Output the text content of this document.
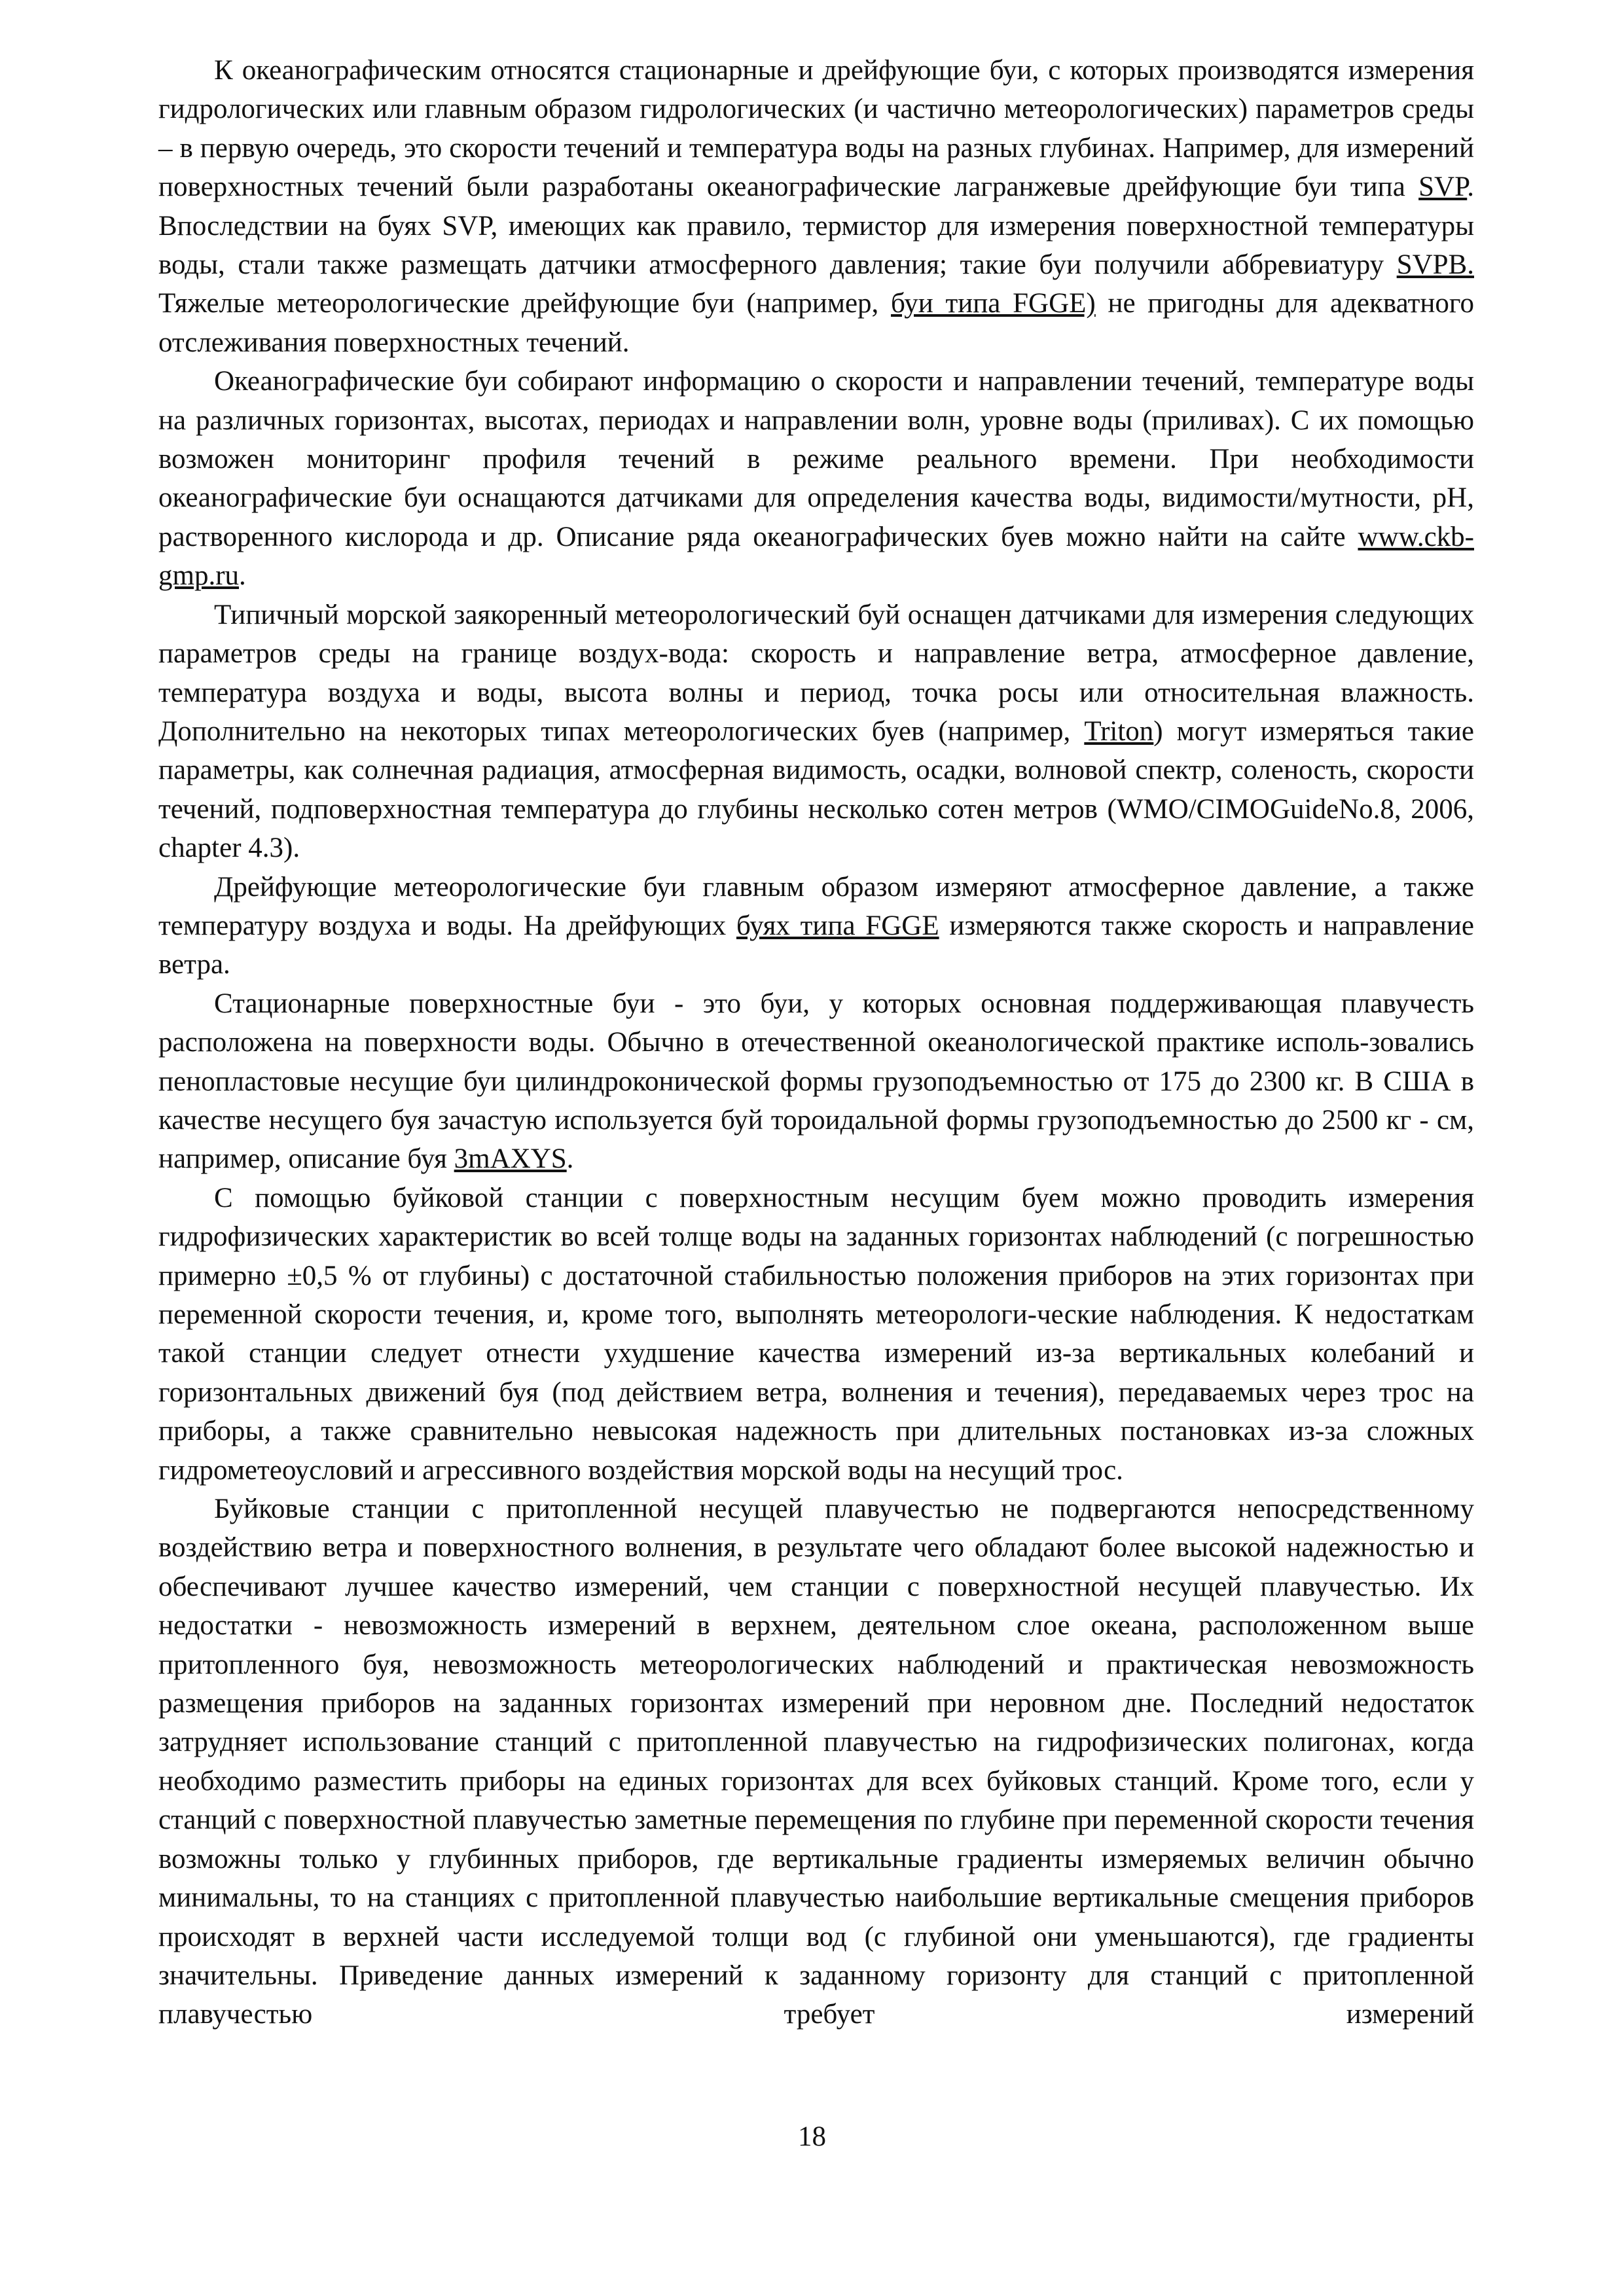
К океанографическим относятся стационарные и дрейфующие буи, с которых производятся измерения гидрологических или главным образом гидрологических (и частично метеорологических) параметров среды – в первую очередь, это скорости течений и температура воды на разных глубинах. Например, для измерений поверхностных течений были разработаны океанографические лагранжевые дрейфующие буи типа SVP. Впоследствии на буях SVP, имеющих как правило, термистор для измерения поверхностной температуры воды, стали также размещать датчики атмосферного давления; такие буи получили аббревиатуру SVPB. Тяжелые метеорологические дрейфующие буи (например, буи типа FGGE) не пригодны для адекватного отслеживания поверхностных течений.

Океанографические буи собирают информацию о скорости и направлении течений, температуре воды на различных горизонтах, высотах, периодах и направлении волн, уровне воды (приливах). С их помощью возможен мониторинг профиля течений в режиме реального времени. При необходимости океанографические буи оснащаются датчиками для определения качества воды, видимости/мутности, pH, растворенного кислорода и др. Описание ряда океанографических буев можно найти на сайте www.ckb-gmp.ru.

Типичный морской заякоренный метеорологический буй оснащен датчиками для измерения следующих параметров среды на границе воздух-вода: скорость и направление ветра, атмосферное давление, температура воздуха и воды, высота волны и период, точка росы или относительная влажность. Дополнительно на некоторых типах метеорологических буев (например, Triton) могут измеряться такие параметры, как солнечная радиация, атмосферная видимость, осадки, волновой спектр, соленость, скорости течений, подповерхностная температура до глубины несколько сотен метров (WMO/CIMOGuideNo.8, 2006, chapter 4.3).

Дрейфующие метеорологические буи главным образом измеряют атмосферное давление, а также температуру воздуха и воды. На дрейфующих буях типа FGGE измеряются также скорость и направление ветра.

Стационарные поверхностные буи - это буи, у которых основная поддерживающая плавучесть расположена на поверхности воды. Обычно в отечественной океанологической практике исполь-зовались пенопластовые несущие буи цилиндроконической формы грузоподъемностью от 175 до 2300 кг. В США в качестве несущего буя зачастую используется буй тороидальной формы грузоподъемностью до 2500 кг - см, например, описание буя 3mAXYS.

С помощью буйковой станции с поверхностным несущим буем можно проводить измерения гидрофизических характеристик во всей толще воды на заданных горизонтах наблюдений (с погрешностью примерно ±0,5 % от глубины) с достаточной стабильностью положения приборов на этих горизонтах при переменной скорости течения, и, кроме того, выполнять метеорологи-ческие наблюдения. К недостаткам такой станции следует отнести ухудшение качества измерений из-за вертикальных колебаний и горизонтальных движений буя (под действием ветра, волнения и течения), передаваемых через трос на приборы, а также сравнительно невысокая надежность при длительных постановках из-за сложных гидрометеоусловий и агрессивного воздействия морской воды на несущий трос.

Буйковые станции с притопленной несущей плавучестью не подвергаются непосредственному воздействию ветра и поверхностного волнения, в результате чего обладают более высокой надежностью и обеспечивают лучшее качество измерений, чем станции с поверхностной несущей плавучестью. Их недостатки - невозможность измерений в верхнем, деятельном слое океана, расположенном выше притопленного буя, невозможность метеорологических наблюдений и практическая невозможность размещения приборов на заданных горизонтах измерений при неровном дне. Последний недостаток затрудняет использование станций с притопленной плавучестью на гидрофизических полигонах, когда необходимо разместить приборы на единых горизонтах для всех буйковых станций. Кроме того, если у станций с поверхностной плавучестью заметные перемещения по глубине при переменной скорости течения возможны только у глубинных приборов, где вертикальные градиенты измеряемых величин обычно минимальны, то на станциях с притопленной плавучестью наибольшие вертикальные смещения приборов происходят в верхней части исследуемой толщи вод (с глубиной они уменьшаются), где градиенты значительны. Приведение данных измерений к заданному горизонту для станций с притопленной плавучестью требует измерений

18
